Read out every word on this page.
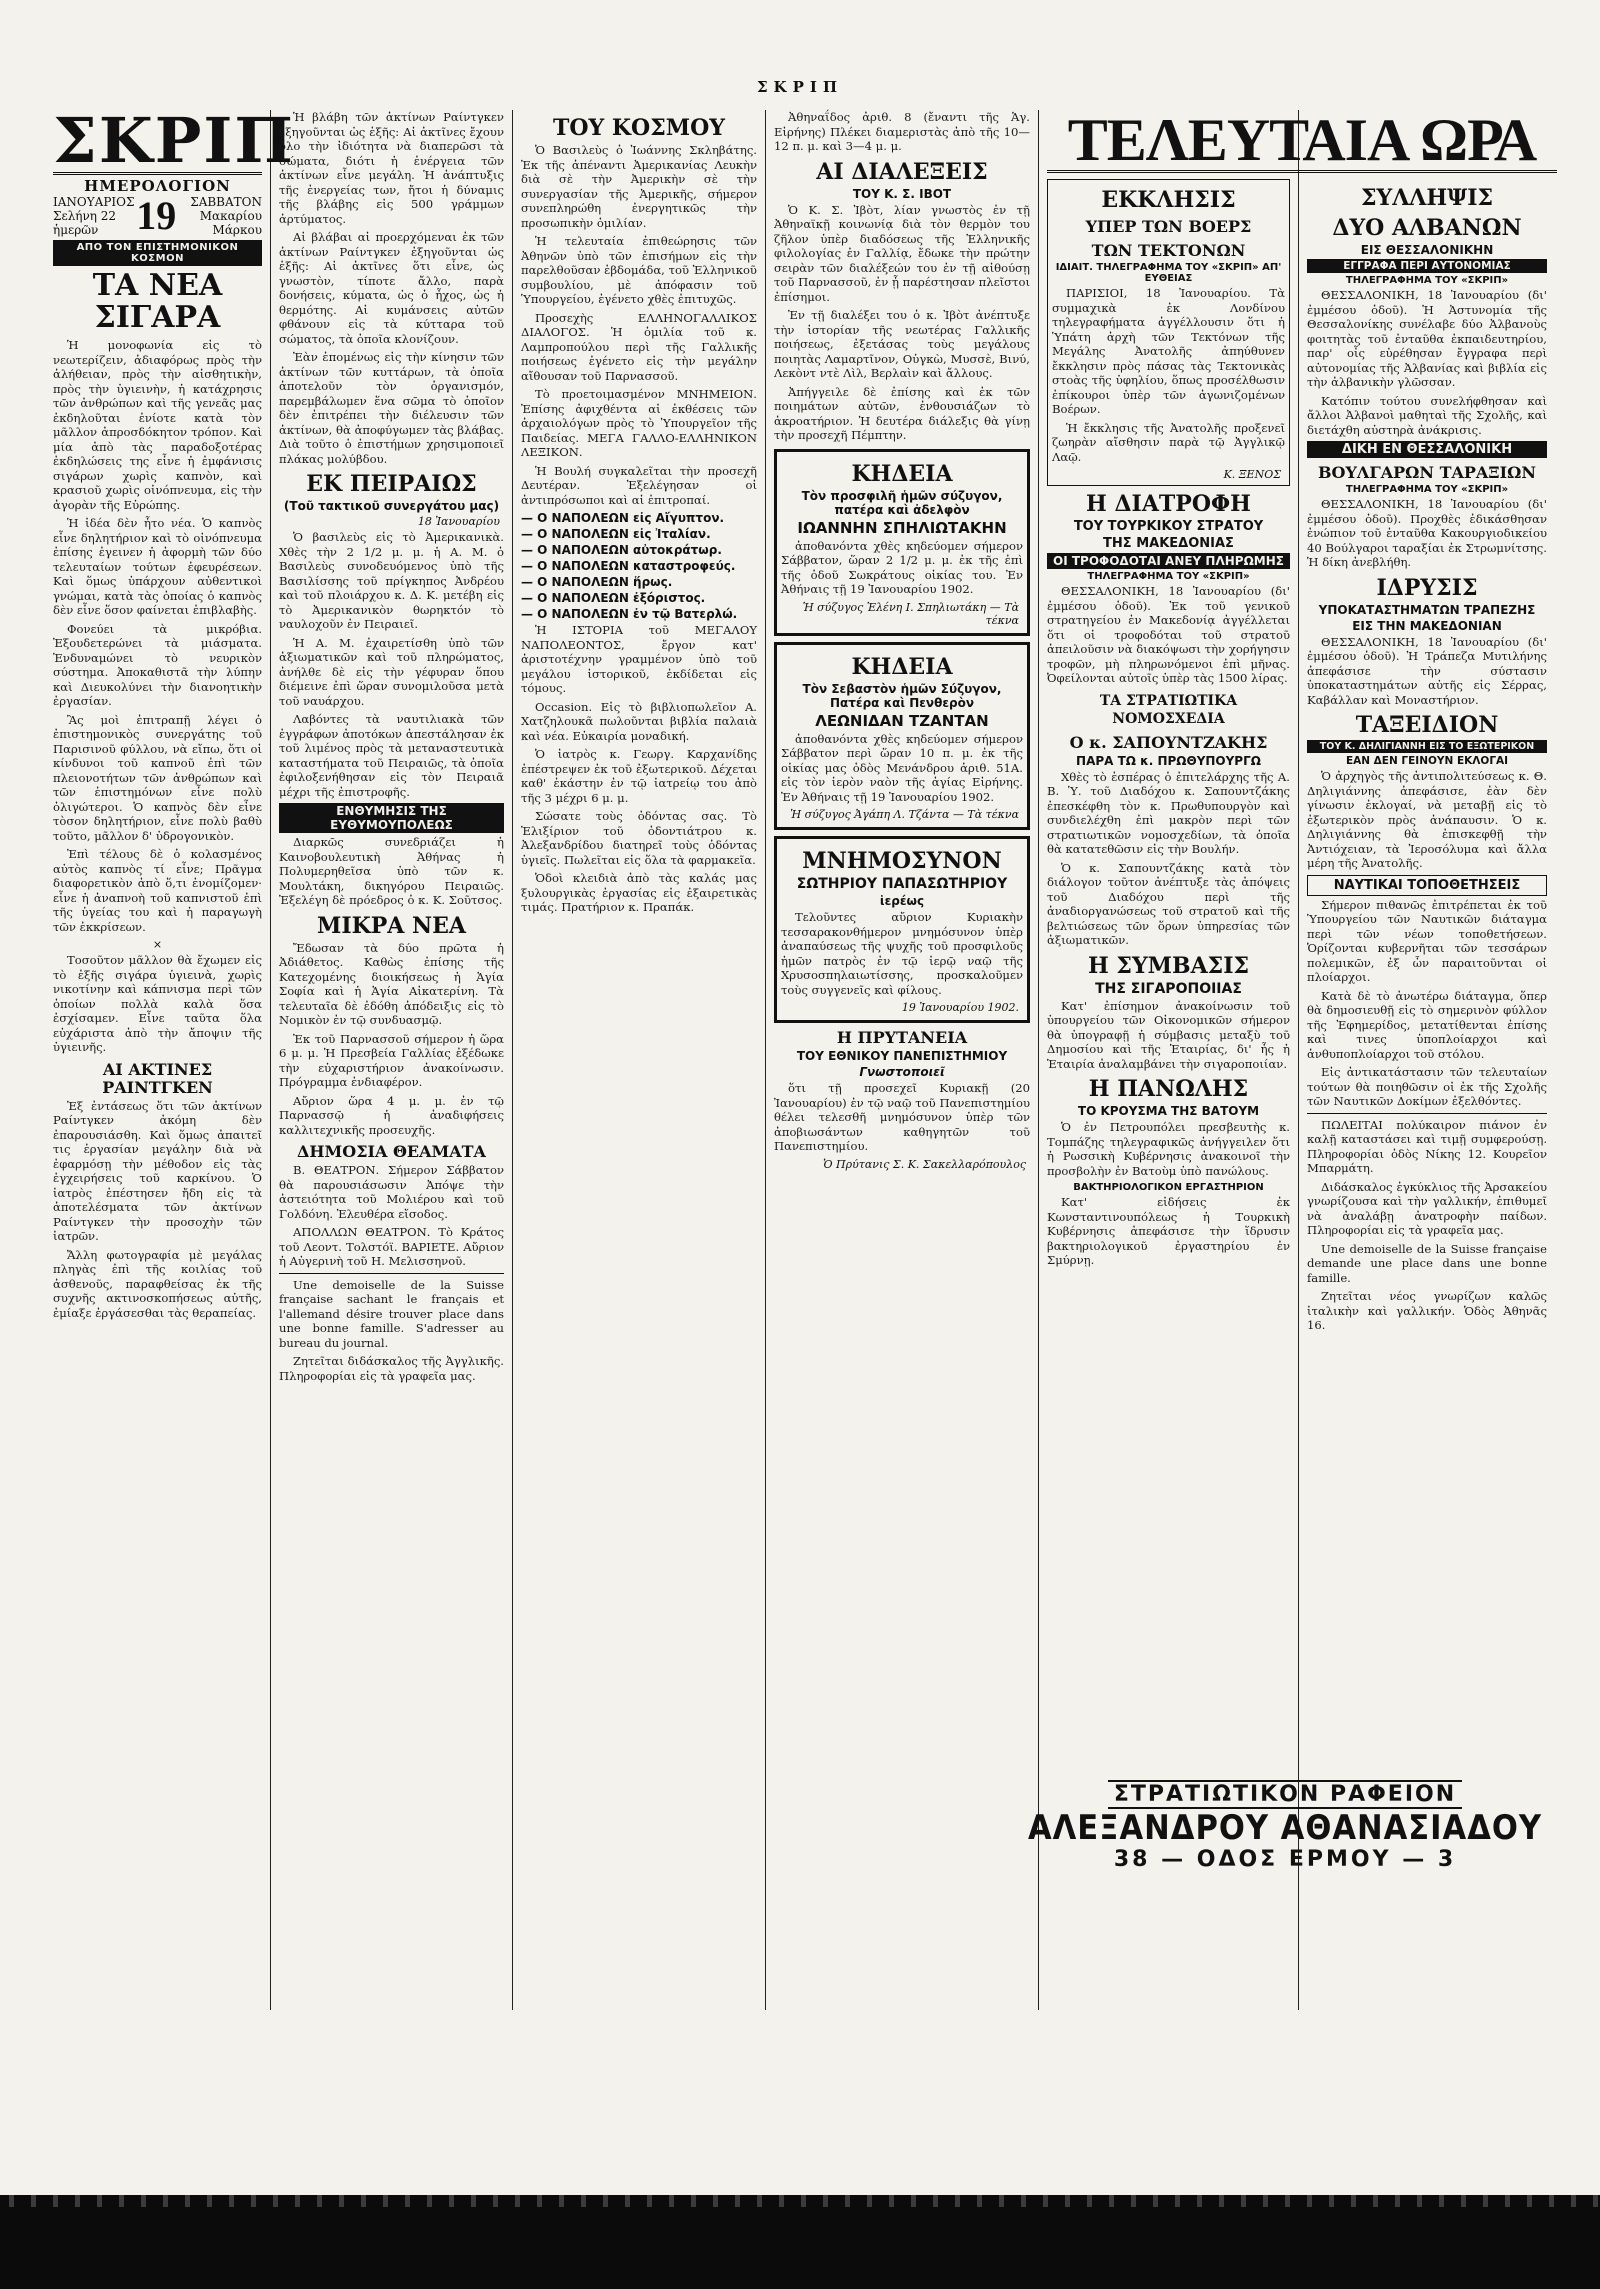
ΣΚΡΙΠ
ΣΚΡΙΠ
ΗΜΕΡΟΛΟΓΙΟΝ
ΙΑΝΟΥΑΡΙΟΣ
Σελήνη 22 ἡμερῶν 19	ΣΑΒΒΑΤΟΝ
Μακαρίου Μάρκου
ΑΠΟ ΤΟΝ ΕΠΙΣΤΗΜΟΝΙΚΟΝ ΚΟΣΜΟΝ
ΤΑ ΝΕΑ ΣΙΓΑΡΑ

Ἡ μονοφωνία εἰς τὸ νεωτερίζειν, ἀδιαφόρως πρὸς τὴν ἀλήθειαν, πρὸς τὴν αἰσθητικὴν, πρὸς τὴν ὑγιεινὴν, ἡ κατάχρησις τῶν ἀνθρώπων καὶ τῆς γενεᾶς μας ἐκδηλοῦται ἐνίοτε κατὰ τὸν μᾶλλον ἀπροσδόκητον τρόπον. Καὶ μία ἀπὸ τὰς παραδοξοτέρας ἐκδηλώσεις της εἶνε ἡ ἐμφάνισις σιγάρων χωρὶς καπνὸν, καὶ κρασιοῦ χωρὶς οἰνόπνευμα, εἰς τὴν ἀγορὰν τῆς Εὐρώπης.

Ἡ ἰδέα δὲν ἦτο νέα. Ὁ καπνὸς εἶνε δηλητήριον καὶ τὸ οἰνόπνευμα ἐπίσης ἐγεινεν ἡ ἀφορμὴ τῶν δύο τελευταίων τούτων ἐφευρέσεων. Καὶ ὅμως ὑπάρχουν αὐθεντικοὶ γνώμαι, κατὰ τὰς ὁποίας ὁ καπνὸς δὲν εἶνε ὅσον φαίνεται ἐπιβλαβὴς.

Φονεύει τὰ μικρόβια. Ἐξουδετερώνει τὰ μιάσματα. Ἐνδυναμώνει τὸ νευρικὸν σύστημα. Ἀποκαθιστᾶ τὴν λύπην καὶ Διευκολύνει τὴν διανοητικὴν ἐργασίαν.

Ἂς μοὶ ἐπιτραπῇ λέγει ὁ ἐπιστημονικὸς συνεργάτης τοῦ Παρισινοῦ φύλλου, νὰ εἴπω, ὅτι οἱ κίνδυνοι τοῦ καπνοῦ ἐπὶ τῶν πλειονοτήτων τῶν ἀνθρώπων καὶ τῶν ἐπιστημόνων εἶνε πολὺ ὀλιγώτεροι. Ὁ καπνὸς δὲν εἶνε τὸσον δηλητήριον, εἶνε πολὺ βαθὺ τοῦτο, μᾶλλον δ' ὑδρογονικὸν.

Ἐπὶ τέλους δὲ ὁ κολασμένος αὐτὸς καπνὸς τί εἶνε; Πρᾶγμα διαφορετικὸν ἀπὸ ὅ,τι ἐνομίζομεν· εἶνε ἡ ἀναπνοὴ τοῦ καπνιστοῦ ἐπὶ τῆς ὑγείας του καὶ ἡ παραγωγὴ τῶν ἐκκρίσεων.

×

Τοσοῦτον μᾶλλον θὰ ἔχωμεν εἰς τὸ ἑξῆς σιγάρα ὑγιεινὰ, χωρὶς νικοτίνην καὶ κάπνισμα περὶ τῶν ὁποίων πολλὰ καλὰ ὅσα ἐσχίσαμεν. Εἶνε ταῦτα ὅλα εὐχάριστα ἀπὸ τὴν ἄποψιν τῆς ὑγιεινῆς.

ΑΙ ΑΚΤΙΝΕΣ ΡΑΙΝΤΓΚΕΝ

Ἐξ ἐντάσεως ὅτι τῶν ἀκτίνων Ραίντγκεν ἀκόμη δὲν ἐπαρουσιάσθη. Καὶ ὅμως ἀπαιτεῖ τις ἐργασίαν μεγάλην διὰ νὰ ἐφαρμόσῃ τὴν μέθοδον εἰς τὰς ἐγχειρήσεις τοῦ καρκίνου. Ὁ ἰατρὸς ἐπέστησεν ἤδη εἰς τὰ ἀποτελέσματα τῶν ἀκτίνων Ραίντγκεν τὴν προσοχὴν τῶν ἰατρῶν.

Ἄλλη φωτογραφία μὲ μεγάλας πληγὰς ἐπὶ τῆς κοιλίας τοῦ ἀσθενοῦς, παραφθείσας ἐκ τῆς συχνῆς ακτινοσκοπήσεως αὐτῆς, ἐμίαξε ἐργάσεσθαι τὰς θεραπείας.

Ἡ βλάβη τῶν ἀκτίνων Ραίντγκεν ἐξηγοῦνται ὡς ἑξῆς: Αἱ ἀκτῖνες ἔχουν ὅλο τὴν ἰδιότητα νὰ διαπερῶσι τὰ σώματα, διότι ἡ ἐνέργεια τῶν ἀκτίνων εἶνε μεγάλη. Ἡ ἀνάπτυξις τῆς ἐνεργείας των, ἤτοι ἡ δύναμις τῆς βλάβης εἰς 500 γράμμων ἀρτύματος.

Αἱ βλάβαι αἱ προερχόμεναι ἐκ τῶν ἀκτίνων Ραίντγκεν ἐξηγοῦνται ὡς ἑξῆς: Αἱ ἀκτῖνες ὅτι εἶνε, ὡς γνωστὸν, τίποτε ἄλλο, παρὰ δονήσεις, κύματα, ὡς ὁ ἦχος, ὡς ἡ θερμότης. Αἱ κυμάνσεις αὐτῶν φθάνουν εἰς τὰ κύτταρα τοῦ σώματος, τὰ ὁποῖα κλονίζουν.

Ἐὰν ἐπομένως εἰς τὴν κίνησιν τῶν ἀκτίνων τῶν κυττάρων, τὰ ὁποῖα ἀποτελοῦν τὸν ὀργανισμόν, παρεμβάλωμεν ἕνα σῶμα τὸ ὁποῖον δὲν ἐπιτρέπει τὴν διέλευσιν τῶν ἀκτίνων, θὰ ἀποφύγωμεν τὰς βλάβας. Διὰ τοῦτο ὁ ἐπιστήμων χρησιμοποιεῖ πλάκας μολύβδου.

ΕΚ ΠΕΙΡΑΙΩΣ
(Τοῦ τακτικοῦ συνεργάτου μας)
18 Ἰανουαρίου

Ὁ βασιλεὺς εἰς τὸ Ἀμερικανικὰ. Χθὲς τὴν 2 1/2 μ. μ. ἡ Α. Μ. ὁ Βασιλεὺς συνοδευόμενος ὑπὸ τῆς Βασιλίσσης τοῦ πρίγκηπος Ἀνδρέου καὶ τοῦ πλοιάρχου κ. Δ. Κ. μετέβη εἰς τὸ Ἀμερικανικὸν θωρηκτόν τὸ ναυλοχοῦν ἐν Πειραιεῖ.

Ἡ Α. Μ. ἐχαιρετίσθη ὑπὸ τῶν ἀξιωματικῶν καὶ τοῦ πληρώματος, ἀνήλθε δὲ εἰς τὴν γέφυραν ὅπου διέμεινε ἐπὶ ὥραν συνομιλοῦσα μετὰ τοῦ ναυάρχου.

Λαβόντες τὰ ναυτιλιακὰ τῶν ἐγγράφων ἀποτόκων ἀπεστάλησαν ἐκ τοῦ λιμένος πρὸς τὰ μεταναστευτικὰ καταστήματα τοῦ Πειραιῶς, τὰ ὁποῖα ἐφιλοξενήθησαν εἰς τὸν Πειραιᾶ μέχρι τῆς ἐπιστροφῆς.

ΕΝΘΥΜΗΣΙΣ ΤΗΣ ΕΥΘΥΜΟΥΠΟΛΕΩΣ

Διαρκῶς συνεδριάζει ἡ Καινοβουλευτικὴ Ἀθήνας ἡ Πολυμερηθεῖσα ὑπὸ τῶν κ. Μουλτάκη, δικηγόρου Πειραιῶς. Ἐξελέγη δὲ πρόεδρος ὁ κ. Κ. Σοῦτσος.

ΜΙΚΡΑ ΝΕΑ

Ἔδωσαν τὰ δύο πρῶτα ἡ Ἀδιάθετος. Καθὼς ἐπίσης τῆς Κατεχομένης διοικήσεως ἡ Ἁγία Σοφία καὶ ἡ Ἁγία Αἰκατερίνη. Τὰ τελευταῖα δὲ ἐδόθη ἀπόδειξις εἰς τὸ Νομικὸν ἐν τῷ συνδυασμῷ.

Ἐκ τοῦ Παρνασσοῦ σήμερον ἡ ὥρα 6 μ. μ. Ἡ Πρεσβεία Γαλλίας ἐξέδωκε τὴν εὐχαριστήριον ἀνακοίνωσιν. Πρόγραμμα ἐνδιαφέρον.

Αὔριον ὥρα 4 μ. μ. ἐν τῷ Παρνασσῷ ἡ ἀναδιφήσεις καλλιτεχνικῆς προσευχῆς.

ΔΗΜΟΣΙΑ ΘΕΑΜΑΤΑ

Β. ΘΕΑΤΡΟΝ. Σήμερον Σάββατον θὰ παρουσιάσωσιν Ἀπόψε τὴν ἀστειότητα τοῦ Μολιέρου καὶ τοῦ Γολδόνη. Ἐλευθέρα εἴσοδος.

ΑΠΟΛΛΩΝ ΘΕΑΤΡΟΝ. Τὸ Κράτος τοῦ Λεοντ. Τολστόϊ. ΒΑΡΙΕΤΕ. Αὔριον ἡ Αὐγερινὴ τοῦ Η. Μελισσηνοῦ.

Une demoiselle de la Suisse française sachant le français et l'allemand désire trouver place dans une bonne famille. S'adresser au bureau du journal.

Ζητεῖται διδάσκαλος τῆς Ἀγγλικῆς. Πληροφορίαι εἰς τὰ γραφεῖα μας.

ΤΟΥ ΚΟΣΜΟΥ

Ὁ Βασιλεὺς ὁ Ἰωάννης Σκληβάτης. Ἐκ τῆς ἀπέναντι Ἀμερικανίας Λευκὴν διὰ σὲ τὴν Ἀμερικὴν σὲ τὴν συνεργασίαν τῆς Ἀμερικῆς, σήμερον συνεπληρώθη ἐνεργητικῶς τὴν προσωπικὴν ὁμιλίαν.

Ἡ τελευταία ἐπιθεώρησις τῶν Ἀθηνῶν ὑπὸ τῶν ἐπισήμων εἰς τὴν παρελθοῦσαν ἑβδομάδα, τοῦ Ἑλληνικοῦ συμβουλίου, μὲ ἀπόφασιν τοῦ Ὑπουργείου, ἐγένετο χθὲς ἐπιτυχῶς.

Προσεχὴς ΕΛΛΗΝΟΓΑΛΛΙΚΟΣ ΔΙΑΛΟΓΟΣ. Ἡ ὁμιλία τοῦ κ. Λαμπροπούλου περὶ τῆς Γαλλικῆς ποιήσεως ἐγένετο εἰς τὴν μεγάλην αἴθουσαν τοῦ Παρνασσοῦ.

Τὸ προετοιμασμένον ΜΝΗΜΕΙΟΝ. Ἐπίσης ἀφιχθέντα αἱ ἐκθέσεις τῶν ἀρχαιολόγων πρὸς τὸ Ὑπουργεῖον τῆς Παιδείας. ΜΕΓΑ ΓΑΛΛΟ-ΕΛΛΗΝΙΚΟΝ ΛΕΞΙΚΟΝ.

Ἡ Βουλή συγκαλεῖται τὴν προσεχῆ Δευτέραν. Ἐξελέγησαν οἱ ἀντιπρόσωποι καὶ αἱ ἐπιτροπαί.

— Ο ΝΑΠΟΛΕΩΝ εἰς Αἴγυπτον.
— Ο ΝΑΠΟΛΕΩΝ εἰς Ἰταλίαν.
— Ο ΝΑΠΟΛΕΩΝ αὐτοκράτωρ.
— Ο ΝΑΠΟΛΕΩΝ καταστροφεύς.
— Ο ΝΑΠΟΛΕΩΝ ἥρως.
— Ο ΝΑΠΟΛΕΩΝ ἐξόριστος.
— Ο ΝΑΠΟΛΕΩΝ ἐν τῷ Βατερλώ.

Ἡ ΙΣΤΟΡΙΑ τοῦ ΜΕΓΑΛΟΥ ΝΑΠΟΛΕΟΝΤΟΣ, ἔργον κατ' ἀριστοτέχνην γραμμένον ὑπὸ τοῦ μεγάλου ἱστορικοῦ, ἐκδίδεται εἰς τόμους.

Occasion. Εἰς τὸ βιβλιοπωλεῖον Α. Χατζηλουκᾶ πωλοῦνται βιβλία παλαιὰ καὶ νέα. Εὐκαιρία μοναδική.

Ὁ ἰατρὸς κ. Γεωργ. Καρχανίδης ἐπέστρεψεν ἐκ τοῦ ἐξωτερικοῦ. Δέχεται καθ' ἑκάστην ἐν τῷ ἰατρείῳ του ἀπὸ τῆς 3 μέχρι 6 μ. μ.

Σώσατε τοὺς ὀδόντας σας. Τὸ Ἐλιξίριον τοῦ ὀδοντιάτρου κ. Ἀλεξανδρίδου διατηρεῖ τοὺς ὀδόντας ὑγιεῖς. Πωλεῖται εἰς ὅλα τὰ φαρμακεῖα.

Ὁδοὶ κλειδιὰ ἀπὸ τὰς καλάς μας ξυλουργικὰς ἐργασίας εἰς ἐξαιρετικὰς τιμάς. Πρατήριον κ. Πραπάκ.

Ἀθηναΐδος ἀριθ. 8 (ἔναντι τῆς Ἁγ. Εἰρήνης) Πλέκει διαμεριστὰς ἀπὸ τῆς 10—12 π. μ. καὶ 3—4 μ. μ.

ΑΙ ΔΙΑΛΕΞΕΙΣ
ΤΟΥ Κ. Σ. ΙΒΟΤ

Ὁ Κ. Σ. Ἰβὸτ, λίαν γνωστὸς ἐν τῇ Ἀθηναϊκῇ κοινωνίᾳ διὰ τὸν θερμὸν του ζῆλον ὑπὲρ διαδόσεως τῆς Ἑλληνικῆς φιλολογίας ἐν Γαλλίᾳ, ἔδωκε τὴν πρώτην σειρὰν τῶν διαλέξεών του ἐν τῇ αἰθούσῃ τοῦ Παρνασσοῦ, ἐν ᾗ παρέστησαν πλεῖστοι ἐπίσημοι.

Ἐν τῇ διαλέξει του ὁ κ. Ἰβὸτ ἀνέπτυξε τὴν ἱστορίαν τῆς νεωτέρας Γαλλικῆς ποιήσεως, ἐξετάσας τοὺς μεγάλους ποιητὰς Λαμαρτῖνον, Οὐγκὼ, Μυσσὲ, Βινύ, Λεκὸντ ντὲ Λὶλ, Βερλαὶν καὶ ἄλλους.

Ἀπήγγειλε δὲ ἐπίσης καὶ ἐκ τῶν ποιημάτων αὐτῶν, ἐνθουσιάζων τὸ ἀκροατήριον. Ἡ δευτέρα διάλεξις θὰ γίνῃ τὴν προσεχῆ Πέμπτην.

ΚΗΔΕΙΑ
Τὸν προσφιλῆ ἡμῶν σύζυγον, πατέρα καὶ ἀδελφὸν
ΙΩΑΝΝΗΝ ΣΠΗΛΙΩΤΑΚΗΝ

ἀποθανόντα χθὲς κηδεύομεν σήμερον Σάββατον, ὥραν 2 1/2 μ. μ. ἐκ τῆς ἐπὶ τῆς ὁδοῦ Σωκράτους οἰκίας του. Ἐν Ἀθήναις τῇ 19 Ἰανουαρίου 1902.

Ἡ σύζυγος Ἑλένη Ι. Σπηλιωτάκη — Τὰ τέκνα
ΚΗΔΕΙΑ
Τὸν Σεβαστὸν ἡμῶν Σύζυγον, Πατέρα καὶ Πενθερὸν
ΛΕΩΝΙΔΑΝ ΤΖΑΝΤΑΝ

ἀποθανόντα χθὲς κηδεύομεν σήμερον Σάββατον περὶ ὥραν 10 π. μ. ἐκ τῆς οἰκίας μας ὁδὸς Μενάνδρου ἀριθ. 51Α. εἰς τὸν ἱερὸν ναὸν τῆς ἁγίας Εἰρήνης. Ἐν Ἀθήναις τῇ 19 Ἰανουαρίου 1902.

Ἡ σύζυγος Ἀγάπη Λ. Τζάντα — Τὰ τέκνα
ΜΝΗΜΟΣΥΝΟΝ
ΣΩΤΗΡΙΟΥ ΠΑΠΑΣΩΤΗΡΙΟΥ
ἱερέως

Τελοῦντες αὔριον Κυριακὴν τεσσαρακονθήμερον μνημόσυνον ὑπὲρ ἀναπαύσεως τῆς ψυχῆς τοῦ προσφιλοῦς ἡμῶν πατρὸς ἐν τῷ ἱερῷ ναῷ τῆς Χρυσοσπηλαιωτίσσης, προσκαλοῦμεν τοὺς συγγενεῖς καὶ φίλους.

19 Ἰανουαρίου 1902.
Η ΠΡΥΤΑΝΕΙΑ
ΤΟΥ ΕΘΝΙΚΟΥ ΠΑΝΕΠΙΣΤΗΜΙΟΥ
Γνωστοποιεῖ

ὅτι τῇ προσεχεῖ Κυριακῇ (20 Ἰανουαρίου) ἐν τῷ ναῷ τοῦ Πανεπιστημίου θέλει τελεσθῆ μνημόσυνον ὑπὲρ τῶν ἀποβιωσάντων καθηγητῶν τοῦ Πανεπιστημίου.

Ὁ Πρύτανις Σ. Κ. Σακελλαρόπουλος
ΤΕΛΕΥΤΑΙΑ ΩΡΑ
ΕΚΚΛΗΣΙΣ
ΥΠΕΡ ΤΩΝ ΒΟΕΡΣ
ΤΩΝ ΤΕΚΤΟΝΩΝ
ΙΔΙΑΙΤ. ΤΗΛΕΓΡΑΦΗΜΑ ΤΟΥ «ΣΚΡΙΠ» ΑΠ' ΕΥΘΕΙΑΣ

ΠΑΡΙΣΙΟΙ, 18 Ἰανουαρίου. Τὰ συμμαχικὰ ἐκ Λονδίνου τηλεγραφήματα ἀγγέλλουσιν ὅτι ἡ Ὑπάτη ἀρχὴ τῶν Τεκτόνων τῆς Μεγάλης Ἀνατολῆς ἀπηύθυνεν ἔκκλησιν πρὸς πάσας τὰς Τεκτονικὰς στοὰς τῆς ὑφηλίου, ὅπως προσέλθωσιν ἐπίκουροι ὑπὲρ τῶν ἀγωνιζομένων Βοέρων.

Ἡ ἔκκλησις τῆς Ἀνατολῆς προξενεῖ ζωηρὰν αἴσθησιν παρὰ τῷ Ἀγγλικῷ Λαῷ.

Κ. ΞΕΝΟΣ
Η ΔΙΑΤΡΟΦΗ
ΤΟΥ ΤΟΥΡΚΙΚΟΥ ΣΤΡΑΤΟΥ
ΤΗΣ ΜΑΚΕΔΟΝΙΑΣ
ΟΙ ΤΡΟΦΟΔΟΤΑΙ ΑΝΕΥ ΠΛΗΡΩΜΗΣ
ΤΗΛΕΓΡΑΦΗΜΑ ΤΟΥ «ΣΚΡΙΠ»

ΘΕΣΣΑΛΟΝΙΚΗ, 18 Ἰανουαρίου (δι' ἐμμέσου ὁδοῦ). Ἐκ τοῦ γενικοῦ στρατηγείου ἐν Μακεδονίᾳ ἀγγέλλεται ὅτι οἱ τροφοδόται τοῦ στρατοῦ ἀπειλοῦσιν νὰ διακόψωσι τὴν χορήγησιν τροφῶν, μὴ πληρωνόμενοι ἐπὶ μῆνας. Ὀφείλονται αὐτοῖς ὑπὲρ τὰς 1500 λίρας.

ΤΑ ΣΤΡΑΤΙΩΤΙΚΑ ΝΟΜΟΣΧΕΔΙΑ
Ο κ. ΣΑΠΟΥΝΤΖΑΚΗΣ
ΠΑΡΑ ΤΩ κ. ΠΡΩΘΥΠΟΥΡΓΩ

Χθὲς τὸ ἑσπέρας ὁ ἐπιτελάρχης τῆς Α. Β. Ὑ. τοῦ Διαδόχου κ. Σαπουντζάκης ἐπεσκέφθη τὸν κ. Πρωθυπουργὸν καὶ συνδιελέχθη ἐπὶ μακρὸν περὶ τῶν στρατιωτικῶν νομοσχεδίων, τὰ ὁποῖα θὰ κατατεθῶσιν εἰς τὴν Βουλήν.

Ὁ κ. Σαπουντζάκης κατὰ τὸν διάλογον τοῦτον ἀνέπτυξε τὰς ἀπόψεις τοῦ Διαδόχου περὶ τῆς ἀναδιοργανώσεως τοῦ στρατοῦ καὶ τῆς βελτιώσεως τῶν ὅρων ὑπηρεσίας τῶν ἀξιωματικῶν.

Η ΣΥΜΒΑΣΙΣ
ΤΗΣ ΣΙΓΑΡΟΠΟΙΙΑΣ

Κατ' ἐπίσημον ἀνακοίνωσιν τοῦ ὑπουργείου τῶν Οἰκονομικῶν σήμερον θὰ ὑπογραφῇ ἡ σύμβασις μεταξὺ τοῦ Δημοσίου καὶ τῆς Ἑταιρίας, δι' ἧς ἡ Ἑταιρία ἀναλαμβάνει τὴν σιγαροποιίαν.

Η ΠΑΝΩΛΗΣ
ΤΟ ΚΡΟΥΣΜΑ ΤΗΣ ΒΑΤΟΥΜ

Ὁ ἐν Πετρουπόλει πρεσβευτὴς κ. Τομπάζης τηλεγραφικῶς ἀνήγγειλεν ὅτι ἡ Ρωσσικὴ Κυβέρνησις ἀνακοινοῖ τὴν προσβολὴν ἐν Βατοὺμ ὑπὸ πανώλους.

ΒΑΚΤΗΡΙΟΛΟΓΙΚΟΝ ΕΡΓΑΣΤΗΡΙΟΝ

Κατ' εἰδήσεις ἐκ Κωνσταντινουπόλεως ἡ Τουρκικὴ Κυβέρνησις ἀπεφάσισε τὴν ἵδρυσιν βακτηριολογικοῦ ἐργαστηρίου ἐν Σμύρνῃ.

ΣΥΛΛΗΨΙΣ
ΔΥΟ ΑΛΒΑΝΩΝ
ΕΙΣ ΘΕΣΣΑΛΟΝΙΚΗΝ
ΕΓΓΡΑΦΑ ΠΕΡΙ ΑΥΤΟΝΟΜΙΑΣ
ΤΗΛΕΓΡΑΦΗΜΑ ΤΟΥ «ΣΚΡΙΠ»

ΘΕΣΣΑΛΟΝΙΚΗ, 18 Ἰανουαρίου (δι' ἐμμέσου ὁδοῦ). Ἡ Ἀστυνομία τῆς Θεσσαλονίκης συνέλαβε δύο Ἀλβανοὺς φοιτητὰς τοῦ ἐνταῦθα ἐκπαιδευτηρίου, παρ' οἷς εὑρέθησαν ἔγγραφα περὶ αὐτονομίας τῆς Ἀλβανίας καὶ βιβλία εἰς τὴν ἀλβανικὴν γλῶσσαν.

Κατόπιν τούτου συνελήφθησαν καὶ ἄλλοι Ἀλβανοὶ μαθηταὶ τῆς Σχολῆς, καὶ διετάχθη αὐστηρὰ ἀνάκρισις.

ΔΙΚΗ ΕΝ ΘΕΣΣΑΛΟΝΙΚΗ
ΒΟΥΛΓΑΡΩΝ ΤΑΡΑΞΙΩΝ
ΤΗΛΕΓΡΑΦΗΜΑ ΤΟΥ «ΣΚΡΙΠ»

ΘΕΣΣΑΛΟΝΙΚΗ, 18 Ἰανουαρίου (δι' ἐμμέσου ὁδοῦ). Προχθὲς ἐδικάσθησαν ἐνώπιον τοῦ ἐνταῦθα Κακουργιοδικείου 40 Βούλγαροι ταραξίαι ἐκ Στρωμνίτσης. Ἡ δίκη ἀνεβλήθη.

ΙΔΡΥΣΙΣ
ΥΠΟΚΑΤΑΣΤΗΜΑΤΩΝ ΤΡΑΠΕΖΗΣ
ΕΙΣ ΤΗΝ ΜΑΚΕΔΟΝΙΑΝ

ΘΕΣΣΑΛΟΝΙΚΗ, 18 Ἰανουαρίου (δι' ἐμμέσου ὁδοῦ). Ἡ Τράπεζα Μυτιλήνης ἀπεφάσισε τὴν σύστασιν ὑποκαταστημάτων αὐτῆς εἰς Σέρρας, Καβάλλαν καὶ Μοναστήριον.

ΤΑΞΕΙΔΙΟΝ
ΤΟΥ Κ. ΔΗΛΙΓΙΑΝΝΗ ΕΙΣ ΤΟ ΕΞΩΤΕΡΙΚΟΝ
ΕΑΝ ΔΕΝ ΓΕΙΝΟΥΝ ΕΚΛΟΓΑΙ

Ὁ ἀρχηγὸς τῆς ἀντιπολιτεύσεως κ. Θ. Δηλιγιάννης ἀπεφάσισε, ἐὰν δὲν γίνωσιν ἐκλογαί, νὰ μεταβῇ εἰς τὸ ἐξωτερικὸν πρὸς ἀνάπαυσιν. Ὁ κ. Δηλιγιάννης θὰ ἐπισκεφθῇ τὴν Ἀντιόχειαν, τὰ Ἱεροσόλυμα καὶ ἄλλα μέρη τῆς Ἀνατολῆς.

ΝΑΥΤΙΚΑΙ ΤΟΠΟΘΕΤΗΣΕΙΣ

Σήμερον πιθανῶς ἐπιτρέπεται ἐκ τοῦ Ὑπουργείου τῶν Ναυτικῶν διάταγμα περὶ τῶν νέων τοποθετήσεων. Ὁρίζονται κυβερνῆται τῶν τεσσάρων πολεμικῶν, ἐξ ὧν παραιτοῦνται οἱ πλοίαρχοι.

Κατὰ δὲ τὸ ἀνωτέρω διάταγμα, ὅπερ θὰ δημοσιευθῇ εἰς τὸ σημερινὸν φύλλον τῆς Ἐφημερίδος, μετατίθενται ἐπίσης καὶ τινες ὑποπλοίαρχοι καὶ ἀνθυποπλοίαρχοι τοῦ στόλου.

Εἰς ἀντικατάστασιν τῶν τελευταίων τούτων θὰ ποιηθῶσιν οἱ ἐκ τῆς Σχολῆς τῶν Ναυτικῶν Δοκίμων ἐξελθόντες.

ΠΩΛΕΙΤΑΙ πολύκαιρον πιάνον ἐν καλῇ καταστάσει καὶ τιμῇ συμφερούσῃ. Πληροφορίαι ὁδὸς Νίκης 12. Κουρεῖον Μπαρμάτη.

Διδάσκαλος ἐγκύκλιος τῆς Ἀρσακείου γνωρίζουσα καὶ τὴν γαλλικήν, ἐπιθυμεῖ νὰ ἀναλάβῃ ἀνατροφὴν παίδων. Πληροφορίαι εἰς τὰ γραφεῖα μας.

Une demoiselle de la Suisse française demande une place dans une bonne famille.

Ζητεῖται νέος γνωρίζων καλῶς ἰταλικὴν καὶ γαλλικήν. Ὁδὸς Ἀθηνᾶς 16.

ΣΤΡΑΤΙΩΤΙΚΟΝ ΡΑΦΕΙΟΝ
ΑΛΕΞΑΝΔΡΟΥ ΑΘΑΝΑΣΙΑΔΟΥ
38 — ΟΔΟΣ ΕΡΜΟΥ — 3
